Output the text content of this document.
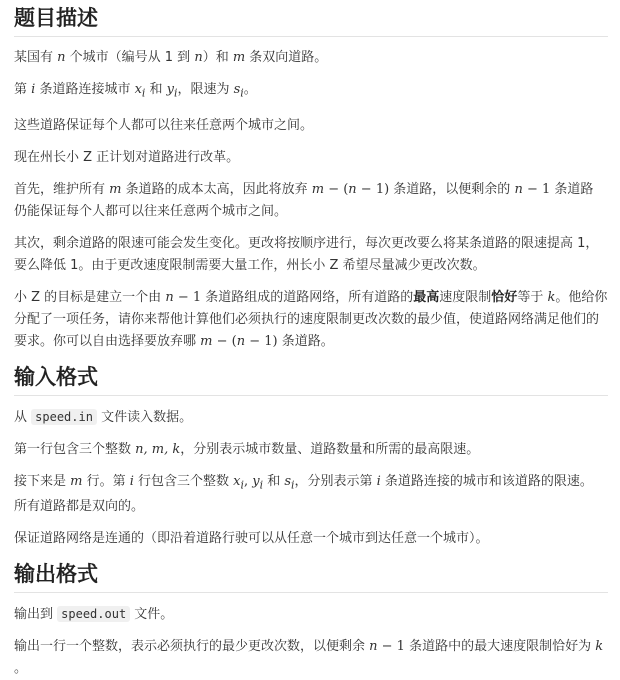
题目描述

某国有 n 个城市（编号从 1 到 n）和 m 条双向道路。

第 i 条道路连接城市 $x_i$ 和 $y_i$，限速为 $s_i$。

这些道路保证每个人都可以往来任意两个城市之间。

现在州长小 Z 正计划对道路进行改革。

首先，维护所有 m 条道路的成本太高，因此将放弃 m − (n − 1) 条道路，以便剩余的 n − 1 条道路
仍能保证每个人都可以往来任意两个城市之间。

其次，剩余道路的限速可能会发生变化。更改将按顺序进行，每次更改要么将某条道路的限速提高 1，
要么降低 1。由于更改速度限制需要大量工作，州长小 Z 希望尽量减少更改次数。

小 Z 的目标是建立一个由 n − 1 条道路组成的道路网络，所有道路的最高速度限制恰好等于 k。他给你
分配了一项任务，请你来帮他计算他们必须执行的速度限制更改次数的最少值，使道路网络满足他们的
要求。你可以自由选择要放弃哪 m − (n − 1) 条道路。

输入格式

从 speed.in 文件读入数据。

第一行包含三个整数 n, m, k，分别表示城市数量、道路数量和所需的最高限速。

接下来是 m 行。第 i 行包含三个整数 $x_i$, $y_i$ 和 $s_i$，分别表示第 i 条道路连接的城市和该道路的限速。
所有道路都是双向的。

保证道路网络是连通的（即沿着道路行驶可以从任意一个城市到达任意一个城市）。

输出格式

输出到 speed.out 文件。

输出一行一个整数，表示必须执行的最少更改次数，以便剩余 n − 1 条道路中的最大速度限制恰好为 k
。
